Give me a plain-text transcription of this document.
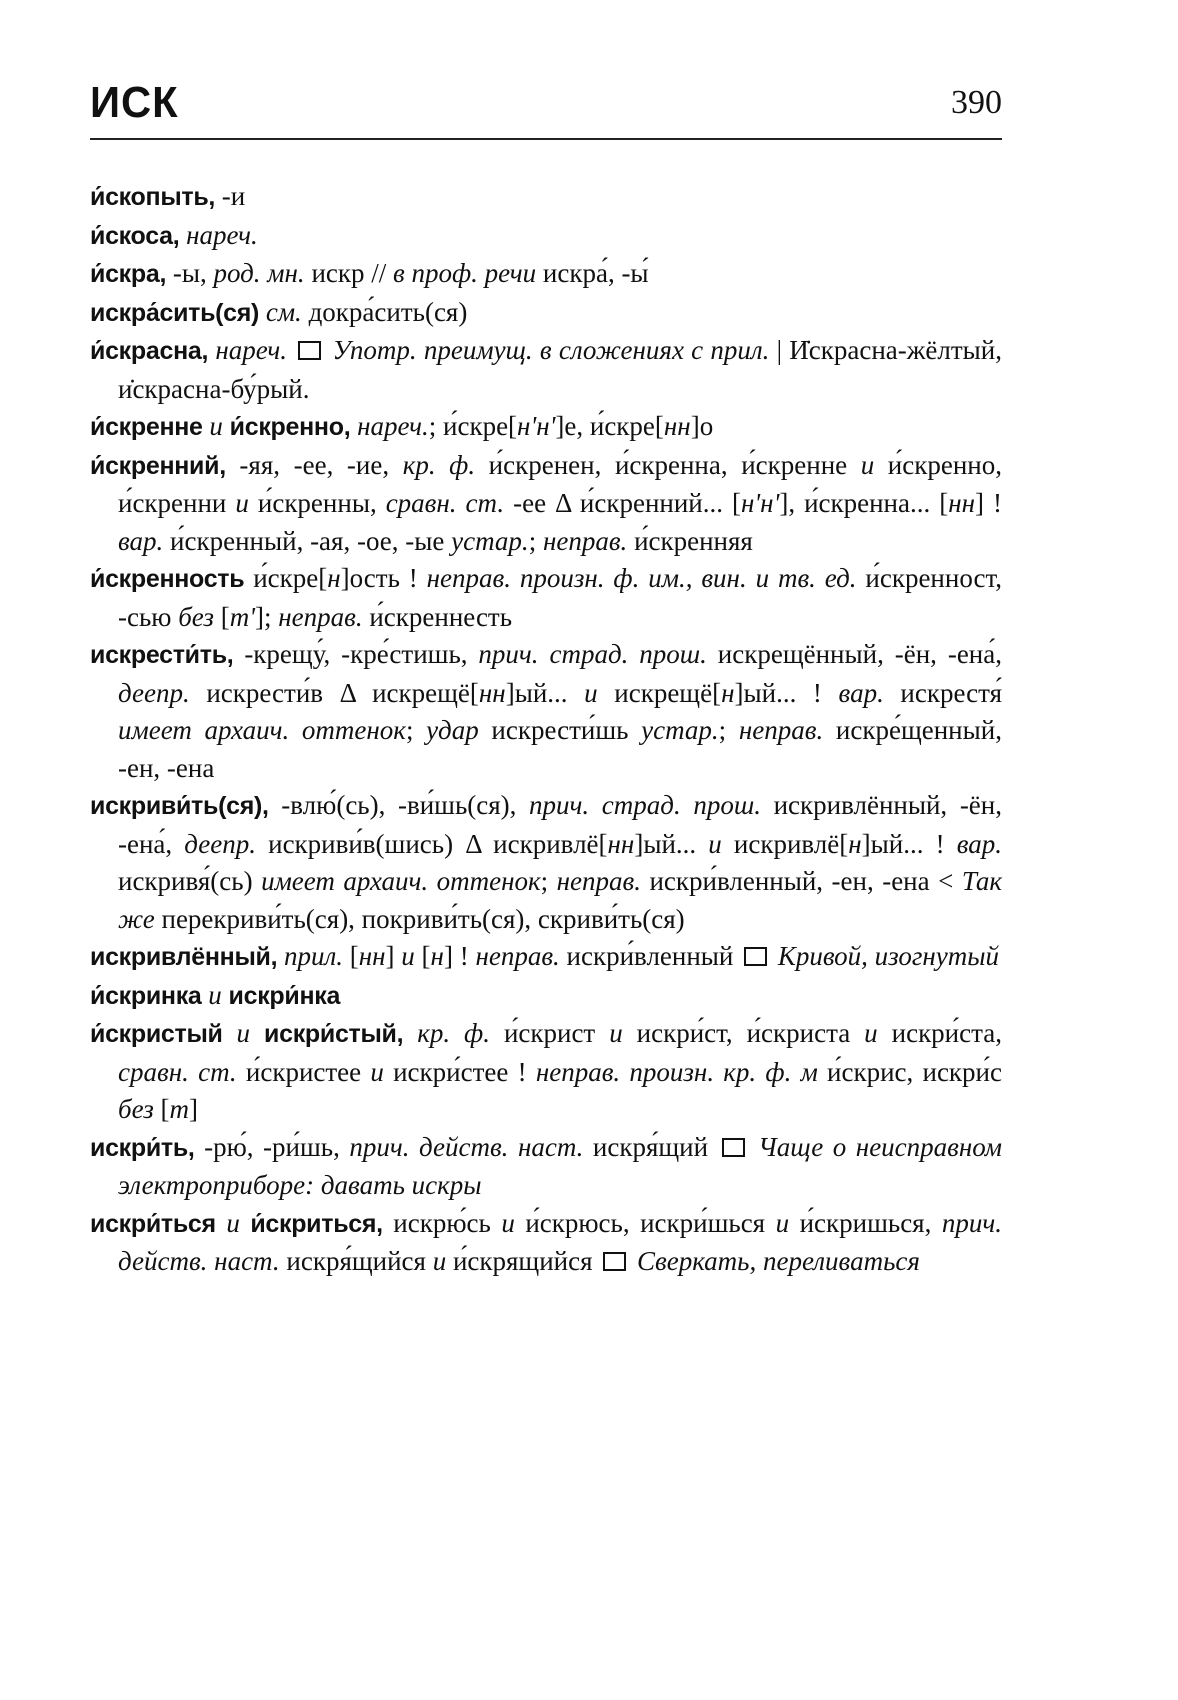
ИСК	390
и́скопыть, -и
и́скоса, нареч.
и́скра, -ы, род. мн. искр // в проф. речи искра́, -ы́
искра́сить(ся) см. докра́сить(ся)
и́скрасна, нареч.  Употр. преимущ. в сложениях с прил. | И̇скрасна-жёлтый, и̇скрасна-бу́рый.
и́скренне и и́скренно, нареч.; и́скре[н'н']е, и́скре[нн]о
и́скренний, -яя, -ее, -ие, кр. ф. и́скренен, и́скренна, и́скренне и и́скренно, и́скренни и и́скренны, сравн. ст. -ее Δ и́скренний... [н'н'], и́скренна... [нн] ! вар. и́скренный, -ая, -ое, -ые устар.; неправ. и́скренняя
и́скренность и́скре[н]ость ! неправ. произн. ф. им., вин. и тв. ед. и́скренност, -сью без [т']; неправ. и́скреннесть
искрести́ть, -крещу́, -кре́стишь, прич. страд. прош. искрещённый, -ён, -ена́, деепр. искрести́в Δ искрещё[нн]ый... и искрещё[н]ый... ! вар. искрестя́ имеет архаич. оттенок; удар искрести́шь устар.; неправ. искре́щенный, -ен, -ена
искриви́ть(ся), -влю́(сь), -ви́шь(ся), прич. страд. прош. искривлённый, -ён, -ена́, деепр. искриви́в(шись) Δ искривлё[нн]ый... и искривлё[н]ый... ! вар. искривя́(сь) имеет архаич. оттенок; неправ. искри́вленный, -ен, -ена < Так же перекриви́ть(ся), покриви́ть(ся), скриви́ть(ся)
искривлённый, прил. [нн] и [н] ! неправ. искри́вленный  Кривой, изогнутый
и́скринка и искри́нка
и́скристый и искри́стый, кр. ф. и́скрист и искри́ст, и́скриста и искри́ста, сравн. ст. и́скристее и искри́стее ! неправ. произн. кр. ф. м и́скрис, искри́с без [т]
искри́ть, -рю́, -ри́шь, прич. действ. наст. искря́щий  Чаще о неисправном электроприборе: давать искры
искри́ться и и́скриться, искрю́сь и и́скрюсь, искри́шься и и́скришься, прич. действ. наст. искря́щийся и и́скрящийся  Сверкать, переливаться
